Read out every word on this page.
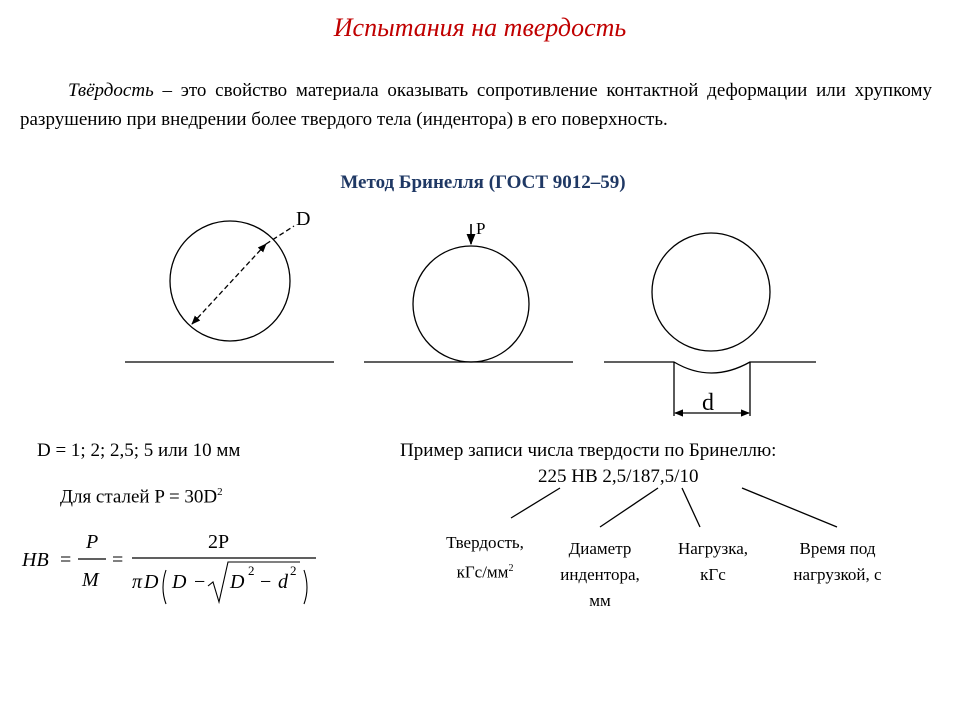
Испытания на твердость
Твёрдость – это свойство материала оказывать сопротивление контактной деформации или хрупкому разрушению при внедрении более твердого тела (индентора) в его поверхность.
Метод Бринелля (ГОСТ 9012–59)
D	P
d
HB =
P
M
=
2P
π D D − D
2
− d
2
D = 1; 2; 2,5; 5 или 10 мм
Для сталей $P = 30D^2$
Пример записи числа твердости по Бринеллю:
225 HB 2,5/187,5/10
Твердость,
кГс/$мм^2$
Диаметр
индентора,
мм
Нагрузка,
кГс
Время под
нагрузкой, с
